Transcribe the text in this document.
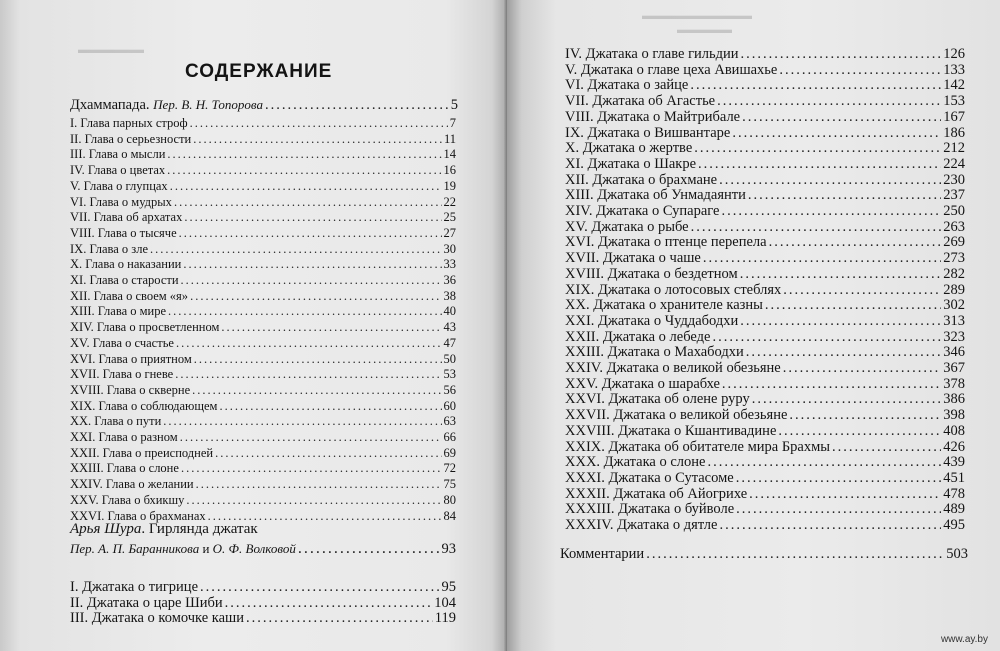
▬▬▬▬▬▬
СОДЕРЖАНИЕ
Дхаммапада. Пер. В. Н. Топорова .....	5
I. Глава парных строф .....	7
II. Глава о серьезности .....	11
III. Глава о мысли .....	14
IV. Глава о цветах .....	16
V. Глава о глупцах .....	19
VI. Глава о мудрых .....	22
VII. Глава об архатах .....	25
VIII. Глава о тысяче .....	27
IX. Глава о зле .....	30
X. Глава о наказании .....	33
XI. Глава о старости .....	36
XII. Глава о своем «я» .....	38
XIII. Глава о мире .....	40
XIV. Глава о просветленном .....	43
XV. Глава о счастье .....	47
XVI. Глава о приятном .....	50
XVII. Глава о гневе .....	53
XVIII. Глава о скверне .....	56
XIX. Глава о соблюдающем .....	60
XX. Глава о пути .....	63
XXI. Глава о разном .....	66
XXII. Глава о преисподней .....	69
XXIII. Глава о слоне .....	72
XXIV. Глава о желании .....	75
XXV. Глава о бхикшу .....	80
XXVI. Глава о брахманах .....	84
Арья Шура. Гирлянда джатак
Пер. А. П. Баранникова и О. Ф. Волковой .....	93
I. Джатака о тигрице .....	95
II. Джатака о царе Шиби .....	104
III. Джатака о комочке каши .....	119
▬▬▬▬▬▬▬▬▬▬
▬▬▬▬▬
IV. Джатака о главе гильдии .....	126
V. Джатака о главе цеха Авишахье .....	133
VI. Джатака о зайце .....	142
VII. Джатака об Агастье .....	153
VIII. Джатака о Майтрибале .....	167
IX. Джатака о Вишвантаре .....	186
X. Джатака о жертве .....	212
XI. Джатака о Шакре .....	224
XII. Джатака о брахмане .....	230
XIII. Джатака об Унмадаянти .....	237
XIV. Джатака о Супараге .....	250
XV. Джатака о рыбе .....	263
XVI. Джатака о птенце перепела .....	269
XVII. Джатака о чаше .....	273
XVIII. Джатака о бездетном .....	282
XIX. Джатака о лотосовых стеблях .....	289
XX. Джатака о хранителе казны .....	302
XXI. Джатака о Чуддабодхи .....	313
XXII. Джатака о лебеде .....	323
XXIII. Джатака о Махабодхи .....	346
XXIV. Джатака о великой обезьяне .....	367
XXV. Джатака о шарабхе .....	378
XXVI. Джатака об олене руру .....	386
XXVII. Джатака о великой обезьяне .....	398
XXVIII. Джатака о Кшантивадине .....	408
XXIX. Джатака об обитателе мира Брахмы .....	426
XXX. Джатака о слоне .....	439
XXXI. Джатака о Сутасоме .....	451
XXXII. Джатака об Айогрихе .....	478
XXXIII. Джатака о буйволе .....	489
XXXIV. Джатака о дятле .....	495
Комментарии .....	503
www.ay.by
